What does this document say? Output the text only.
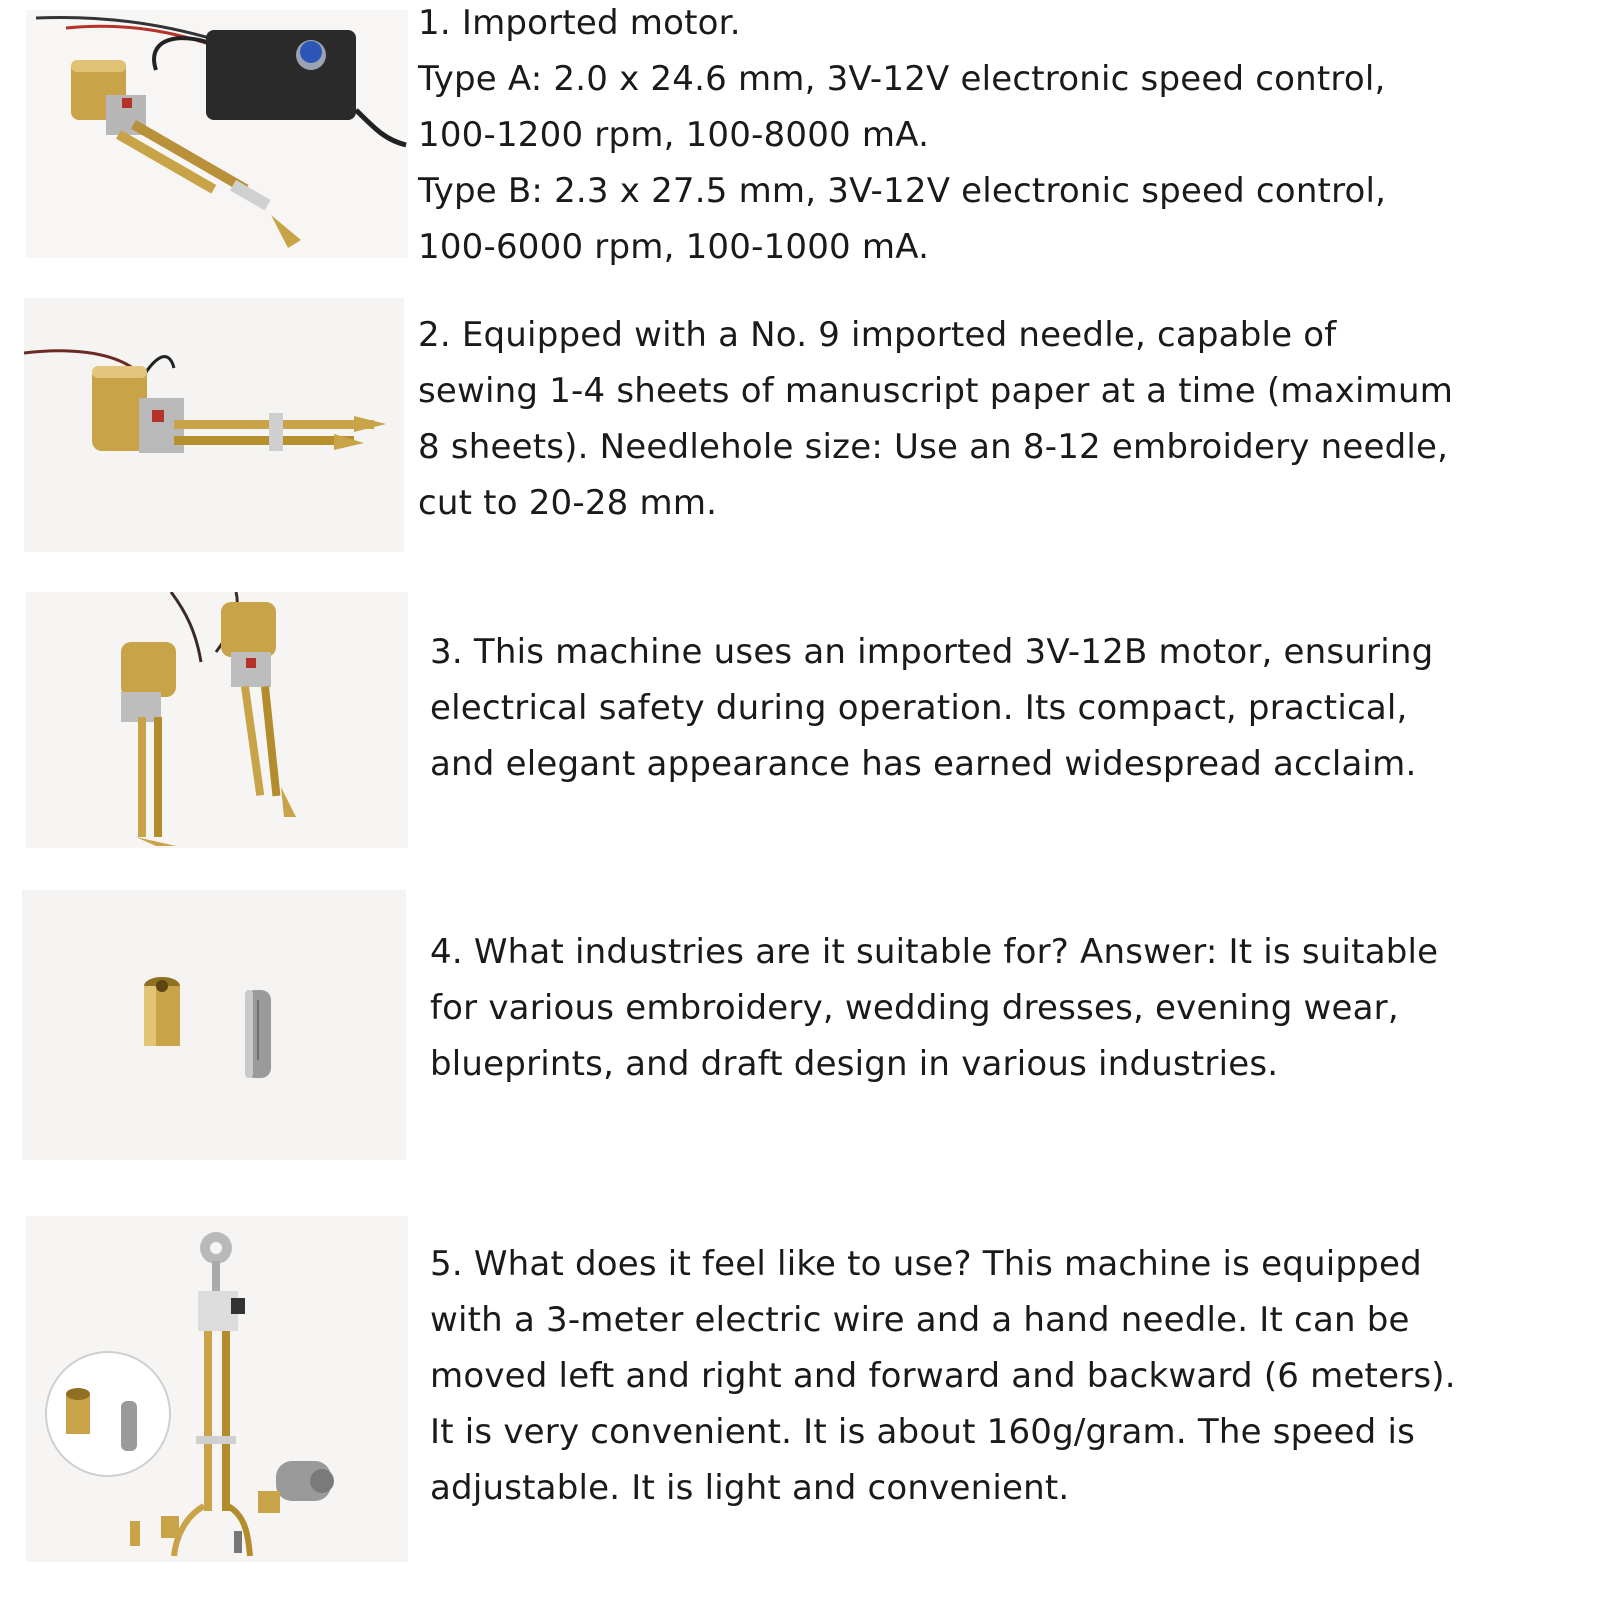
1. Imported motor.
Type A: 2.0 x 24.6 mm, 3V-12V electronic speed control,
100-1200 rpm, 100-8000 mA.
Type B: 2.3 x 27.5 mm, 3V-12V electronic speed control,
100-6000 rpm, 100-1000 mA.
2. Equipped with a No. 9 imported needle, capable of
sewing 1-4 sheets of manuscript paper at a time (maximum
8 sheets). Needlehole size: Use an 8-12 embroidery needle,
cut to 20-28 mm.
3. This machine uses an imported 3V-12B motor, ensuring
electrical safety during operation. Its compact, practical,
and elegant appearance has earned widespread acclaim.
4. What industries are it suitable for? Answer: It is suitable
for various embroidery, wedding dresses, evening wear,
blueprints, and draft design in various industries.
5. What does it feel like to use? This machine is equipped
with a 3-meter electric wire and a hand needle. It can be
moved left and right and forward and backward (6 meters).
It is very convenient. It is about 160g/gram. The speed is
adjustable. It is light and convenient.
